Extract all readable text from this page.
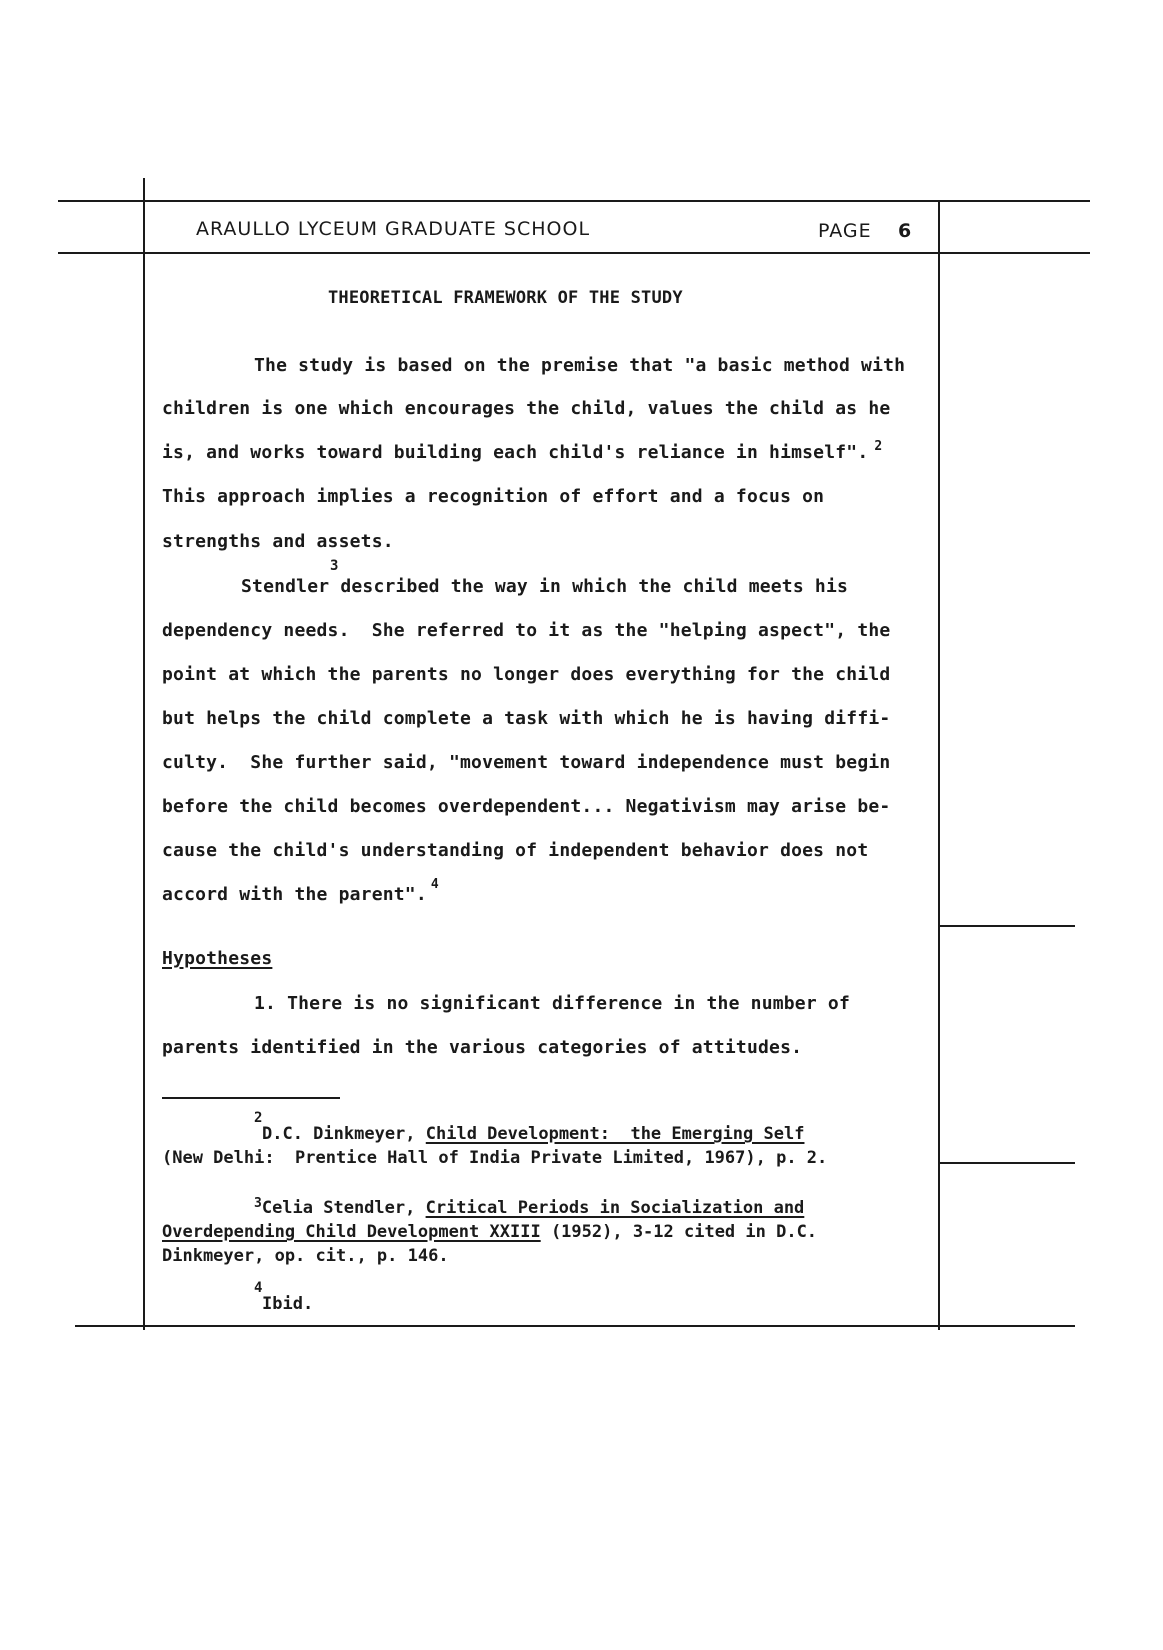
ARAULLO LYCEUM GRADUATE SCHOOL	PAGE 6
THEORETICAL FRAMEWORK OF THE STUDY
The study is based on the premise that "a basic method with
children is one which encourages the child, values the child as he
is, and works toward building each child's reliance in himself". $^2$
This approach implies a recognition of effort and a focus on
strengths and assets.
Stendler described the way in which the child meets his
3
dependency needs.  She referred to it as the "helping aspect", the
point at which the parents no longer does everything for the child
but helps the child complete a task with which he is having diffi-
culty.  She further said, "movement toward independence must begin
before the child becomes overdependent... Negativism may arise be-
cause the child's understanding of independent behavior does not
accord with the parent". $^4$
Hypotheses
1. There is no significant difference in the number of
parents identified in the various categories of attitudes.
2
D.C. Dinkmeyer, Child Development:  the Emerging Self
(New Delhi:  Prentice Hall of India Private Limited, 1967), p. 2.
$^3$Celia Stendler, Critical Periods in Socialization and
Overdepending Child Development XXIII (1952), 3-12 cited in D.C.
Dinkmeyer, op. cit., p. 146.
4
Ibid.
